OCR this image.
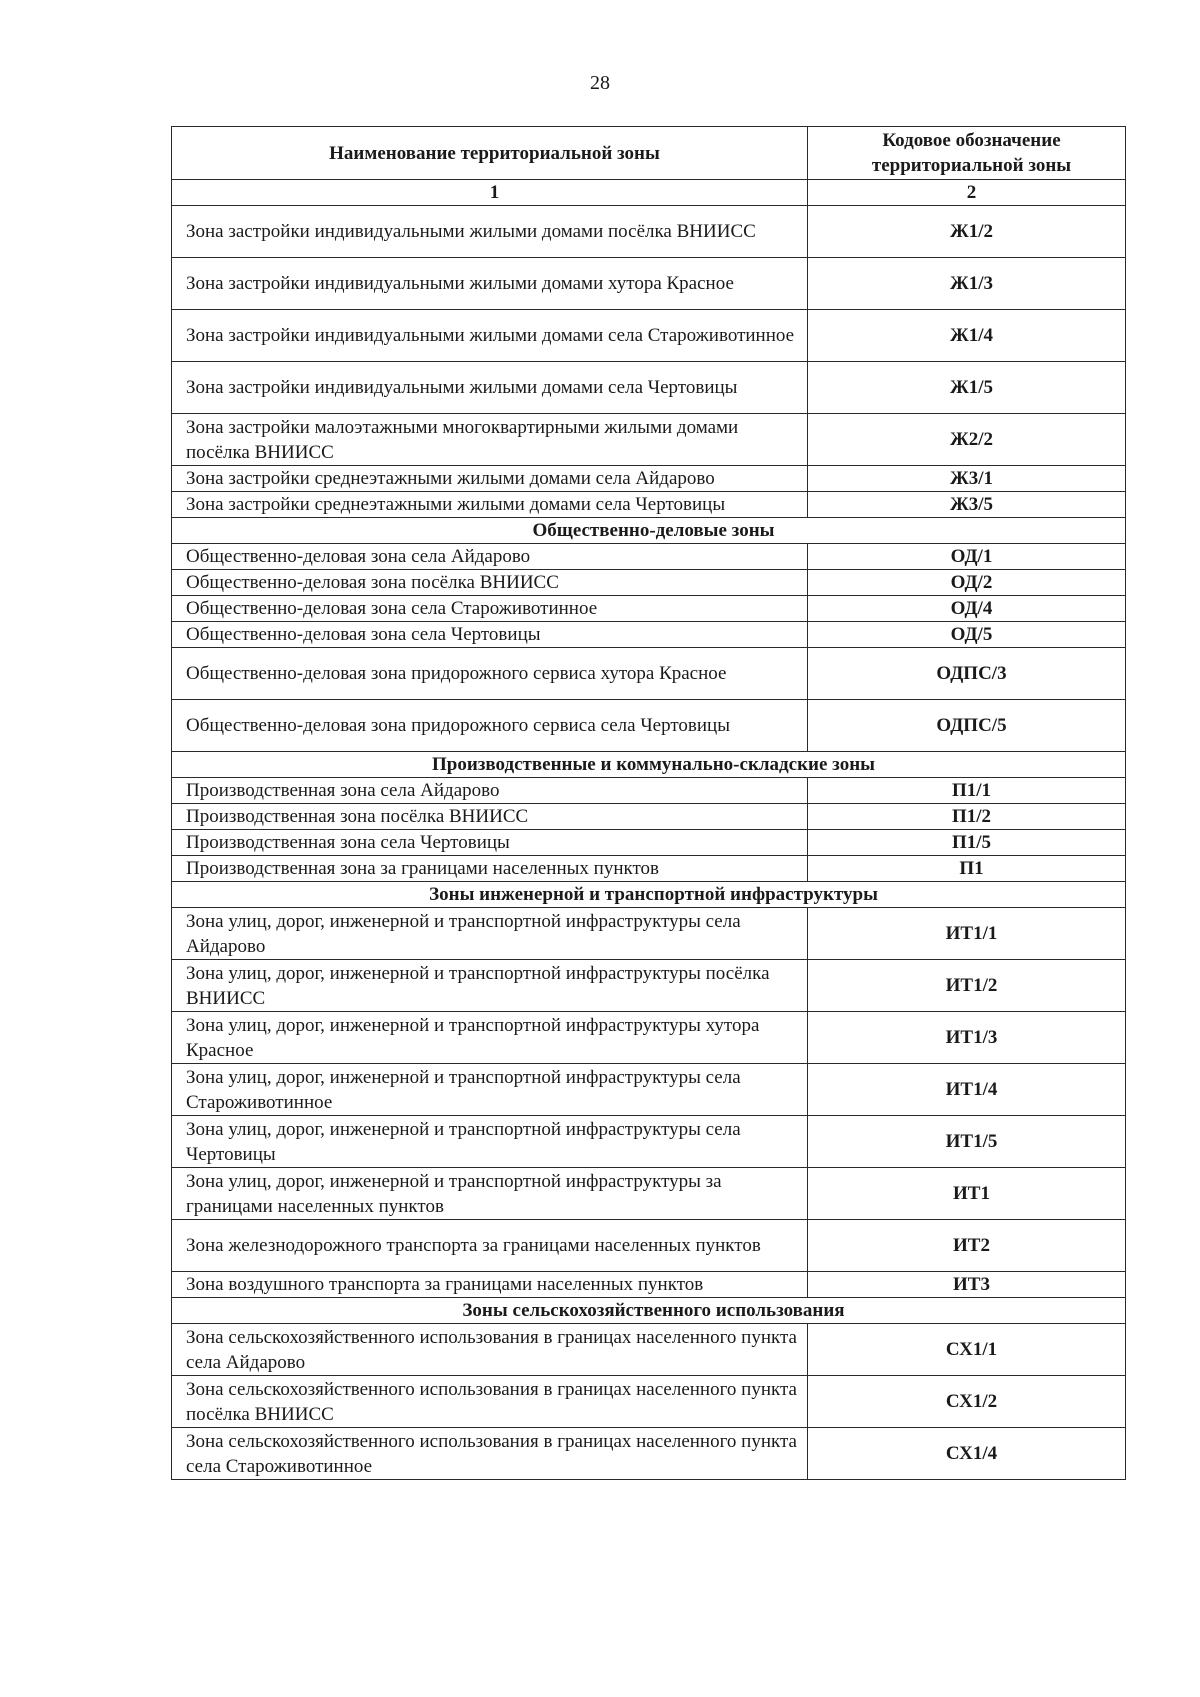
28
Наименование территориальной зоны	Кодовое обозначение
территориальной зоны
1	2
Зона застройки индивидуальными жилыми домами посёлка ВНИИСС	Ж1/2
Зона застройки индивидуальными жилыми домами хутора Красное	Ж1/3
Зона застройки индивидуальными жилыми домами села Староживотинное	Ж1/4
Зона застройки индивидуальными жилыми домами села Чертовицы	Ж1/5
Зона застройки малоэтажными многоквартирными жилыми домами посёлка ВНИИСС	Ж2/2
Зона застройки среднеэтажными жилыми домами села Айдарово	Ж3/1
Зона застройки среднеэтажными жилыми домами села Чертовицы	Ж3/5
Общественно-деловые зоны	
Общественно-деловая зона села Айдарово	ОД/1
Общественно-деловая зона посёлка ВНИИСС	ОД/2
Общественно-деловая зона села Староживотинное	ОД/4
Общественно-деловая зона села Чертовицы	ОД/5
Общественно-деловая зона придорожного сервиса хутора Красное	ОДПС/3
Общественно-деловая зона придорожного сервиса села Чертовицы	ОДПС/5
Производственные и коммунально-складские зоны	
Производственная зона села Айдарово	П1/1
Производственная зона посёлка ВНИИСС	П1/2
Производственная зона села Чертовицы	П1/5
Производственная зона за границами населенных пунктов	П1
Зоны инженерной и транспортной инфраструктуры	
Зона улиц, дорог, инженерной и транспортной инфраструктуры села Айдарово	ИТ1/1
Зона улиц, дорог, инженерной и транспортной инфраструктуры посёлка ВНИИСС	ИТ1/2
Зона улиц, дорог, инженерной и транспортной инфраструктуры хутора Красное	ИТ1/3
Зона улиц, дорог, инженерной и транспортной инфраструктуры села Староживотинное	ИТ1/4
Зона улиц, дорог, инженерной и транспортной инфраструктуры села Чертовицы	ИТ1/5
Зона улиц, дорог, инженерной и транспортной инфраструктуры за границами населенных пунктов	ИТ1
Зона железнодорожного транспорта за границами населенных пунктов	ИТ2
Зона воздушного транспорта за границами населенных пунктов	ИТ3
Зоны сельскохозяйственного использования	
Зона сельскохозяйственного использования в границах населенного пункта села Айдарово	СХ1/1
Зона сельскохозяйственного использования в границах населенного пункта посёлка ВНИИСС	СХ1/2
Зона сельскохозяйственного использования в границах населенного пункта села Староживотинное	СХ1/4
